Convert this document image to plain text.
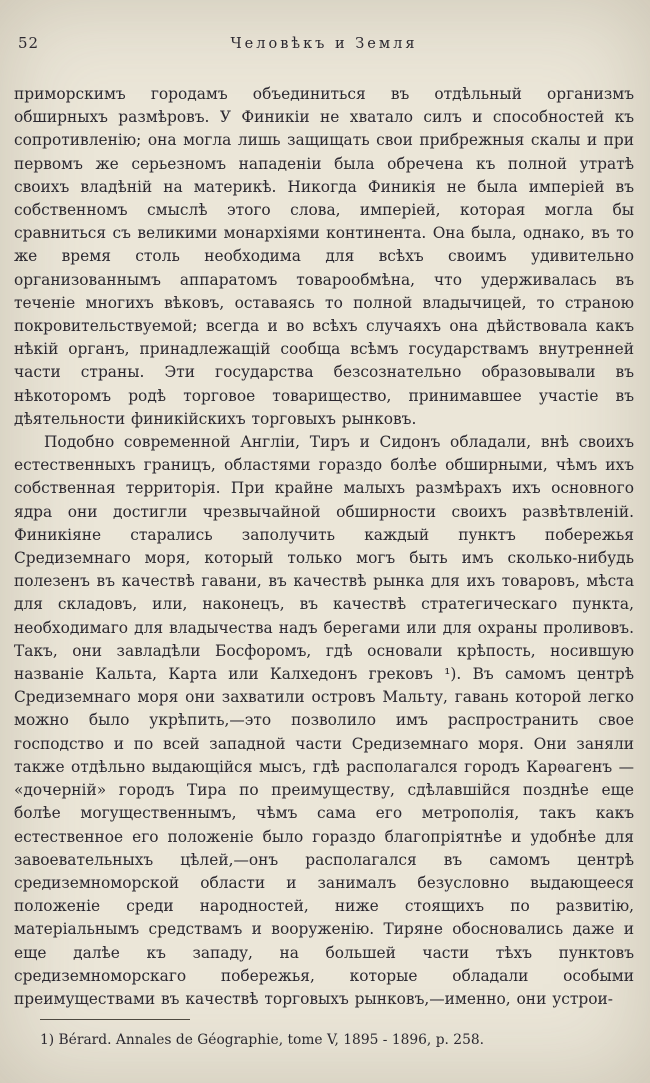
52	Человѣкъ и Земля

приморскимъ городамъ объединиться въ отдѣльный организмъ обширныхъ размѣровъ. У Финикіи не хватало силъ и способностей къ сопротивленію; она могла лишь защищать свои прибрежныя скалы и при первомъ же серьезномъ нападеніи была обречена къ полной утратѣ своихъ владѣній на материкѣ. Никогда Финикія не была имперіей въ собственномъ смыслѣ этого слова, имперіей, которая могла бы сравниться съ великими монархіями континента. Она была, однако, въ то же время столь необходима для всѣхъ своимъ удивительно организованнымъ аппаратомъ товарообмѣна, что удерживалась въ теченіе многихъ вѣковъ, оставаясь то полной владычицей, то страною покровительствуемой; всегда и во всѣхъ случаяхъ она дѣйствовала какъ нѣкій органъ, принадлежащій сообща всѣмъ государствамъ внутренней части страны. Эти государства безсознательно образовывали въ нѣкоторомъ родѣ торговое товарищество, принимавшее участіе въ дѣятельности финикійскихъ торговыхъ рынковъ.

Подобно современной Англіи, Тиръ и Сидонъ обладали, внѣ своихъ естественныхъ границъ, областями гораздо болѣе обширными, чѣмъ ихъ собственная территорія. При крайне малыхъ размѣрахъ ихъ основного ядра они достигли чрезвычайной обширности своихъ развѣтвленій. Финикіяне старались заполучить каждый пунктъ побережья Средиземнаго моря, который только могъ быть имъ сколько-нибудь полезенъ въ качествѣ гавани, въ качествѣ рынка для ихъ товаровъ, мѣста для складовъ, или, наконецъ, въ качествѣ стратегическаго пункта, необходимаго для владычества надъ берегами или для охраны проливовъ. Такъ, они завладѣли Босфоромъ, гдѣ основали крѣпость, носившую названіе Кальта, Карта или Калхедонъ грековъ ¹). Въ самомъ центрѣ Средиземнаго моря они захватили островъ Мальту, гавань которой легко можно было укрѣпить,—это позволило имъ распространить свое господство и по всей западной части Средиземнаго моря. Они заняли также отдѣльно выдающійся мысъ, гдѣ располагался городъ Карѳагенъ — «дочерній» городъ Тира по преимуществу, сдѣлавшійся позднѣе еще болѣе могущественнымъ, чѣмъ сама его метрополія, такъ какъ естественное его положеніе было гораздо благопріятнѣе и удобнѣе для завоевательныхъ цѣлей,—онъ располагался въ самомъ центрѣ средиземноморской области и занималъ безусловно выдающееся положеніе среди народностей, ниже стоящихъ по развитію, матеріальнымъ средствамъ и вооруженію. Тиряне обосновались даже и еще далѣе къ западу, на большей части тѣхъ пунктовъ средиземноморскаго побережья, которые обладали особыми преимуществами въ качествѣ торговыхъ рынковъ,—именно, они устрои-

1) Bérard. Annales de Géographie, tome V, 1895 - 1896, p. 258.
